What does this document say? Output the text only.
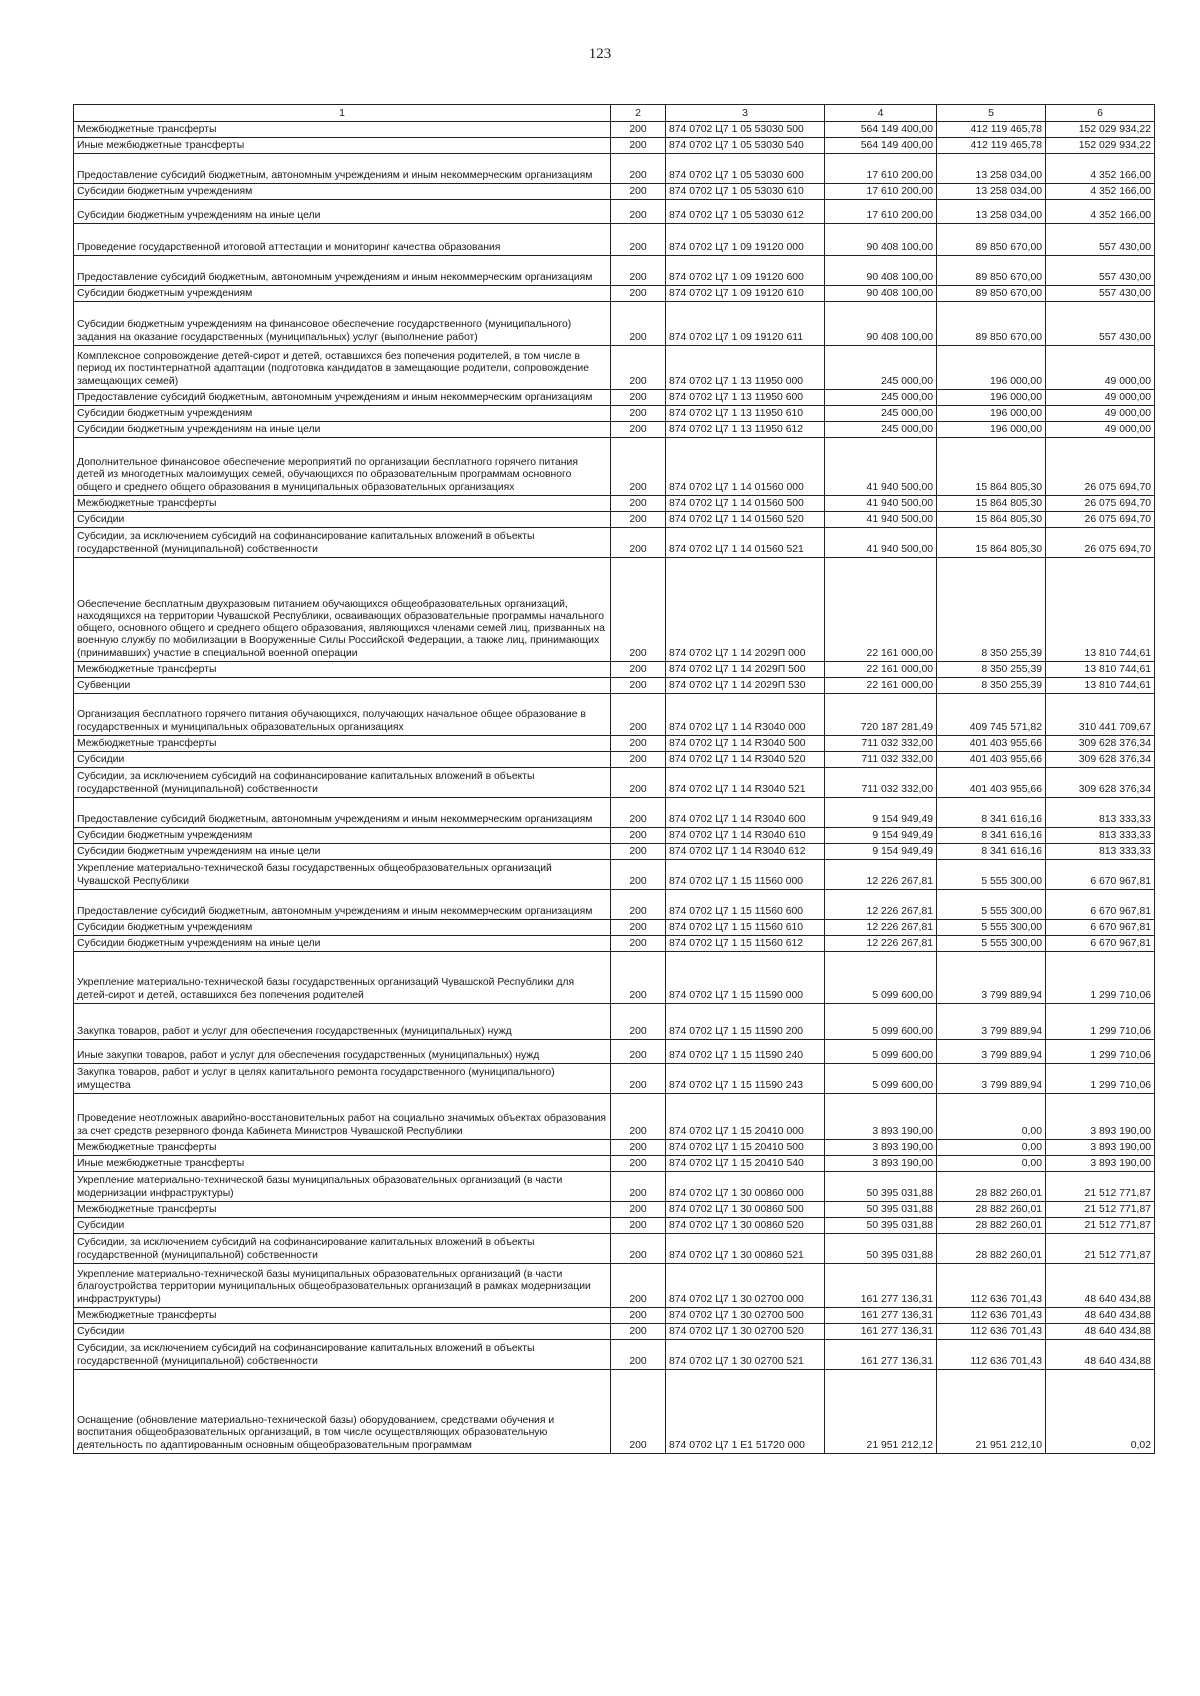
123
1	2	3	4	5	6
Межбюджетные трансферты	200	874 0702 Ц7 1 05 53030 500	564 149 400,00	412 119 465,78	152 029 934,22
Иные межбюджетные трансферты	200	874 0702 Ц7 1 05 53030 540	564 149 400,00	412 119 465,78	152 029 934,22
Предоставление субсидий бюджетным, автономным учреждениям и иным некоммерческим организациям	200	874 0702 Ц7 1 05 53030 600	17 610 200,00	13 258 034,00	4 352 166,00
Субсидии бюджетным учреждениям	200	874 0702 Ц7 1 05 53030 610	17 610 200,00	13 258 034,00	4 352 166,00
Субсидии бюджетным учреждениям на иные цели	200	874 0702 Ц7 1 05 53030 612	17 610 200,00	13 258 034,00	4 352 166,00
Проведение государственной итоговой аттестации и мониторинг качества образования	200	874 0702 Ц7 1 09 19120 000	90 408 100,00	89 850 670,00	557 430,00
Предоставление субсидий бюджетным, автономным учреждениям и иным некоммерческим организациям	200	874 0702 Ц7 1 09 19120 600	90 408 100,00	89 850 670,00	557 430,00
Субсидии бюджетным учреждениям	200	874 0702 Ц7 1 09 19120 610	90 408 100,00	89 850 670,00	557 430,00
Субсидии бюджетным учреждениям на финансовое обеспечение государственного (муниципального) задания на оказание государственных (муниципальных) услуг (выполнение работ)	200	874 0702 Ц7 1 09 19120 611	90 408 100,00	89 850 670,00	557 430,00
Комплексное сопровождение детей-сирот и детей, оставшихся без попечения родителей, в том числе в период их постинтернатной адаптации (подготовка кандидатов в замещающие родители, сопровождение замещающих семей)	200	874 0702 Ц7 1 13 11950 000	245 000,00	196 000,00	49 000,00
Предоставление субсидий бюджетным, автономным учреждениям и иным некоммерческим организациям	200	874 0702 Ц7 1 13 11950 600	245 000,00	196 000,00	49 000,00
Субсидии бюджетным учреждениям	200	874 0702 Ц7 1 13 11950 610	245 000,00	196 000,00	49 000,00
Субсидии бюджетным учреждениям на иные цели	200	874 0702 Ц7 1 13 11950 612	245 000,00	196 000,00	49 000,00
Дополнительное финансовое обеспечение мероприятий по организации бесплатного горячего питания детей из многодетных малоимущих семей, обучающихся по образовательным программам основного общего и среднего общего образования в муниципальных образовательных организациях	200	874 0702 Ц7 1 14 01560 000	41 940 500,00	15 864 805,30	26 075 694,70
Межбюджетные трансферты	200	874 0702 Ц7 1 14 01560 500	41 940 500,00	15 864 805,30	26 075 694,70
Субсидии	200	874 0702 Ц7 1 14 01560 520	41 940 500,00	15 864 805,30	26 075 694,70
Субсидии, за исключением субсидий на софинансирование капитальных вложений в объекты государственной (муниципальной) собственности	200	874 0702 Ц7 1 14 01560 521	41 940 500,00	15 864 805,30	26 075 694,70
Обеспечение бесплатным двухразовым питанием обучающихся общеобразовательных организаций, находящихся на территории Чувашской Республики, осваивающих образовательные программы начального общего, основного общего и среднего общего образования, являющихся членами семей лиц, призванных на военную службу по мобилизации в Вооруженные Силы Российской Федерации, а также лиц, принимающих (принимавших) участие в специальной военной операции	200	874 0702 Ц7 1 14 2029П 000	22 161 000,00	8 350 255,39	13 810 744,61
Межбюджетные трансферты	200	874 0702 Ц7 1 14 2029П 500	22 161 000,00	8 350 255,39	13 810 744,61
Субвенции	200	874 0702 Ц7 1 14 2029П 530	22 161 000,00	8 350 255,39	13 810 744,61
Организация бесплатного горячего питания обучающихся, получающих начальное общее образование в государственных и муниципальных образовательных организациях	200	874 0702 Ц7 1 14 R3040 000	720 187 281,49	409 745 571,82	310 441 709,67
Межбюджетные трансферты	200	874 0702 Ц7 1 14 R3040 500	711 032 332,00	401 403 955,66	309 628 376,34
Субсидии	200	874 0702 Ц7 1 14 R3040 520	711 032 332,00	401 403 955,66	309 628 376,34
Субсидии, за исключением субсидий на софинансирование капитальных вложений в объекты государственной (муниципальной) собственности	200	874 0702 Ц7 1 14 R3040 521	711 032 332,00	401 403 955,66	309 628 376,34
Предоставление субсидий бюджетным, автономным учреждениям и иным некоммерческим организациям	200	874 0702 Ц7 1 14 R3040 600	9 154 949,49	8 341 616,16	813 333,33
Субсидии бюджетным учреждениям	200	874 0702 Ц7 1 14 R3040 610	9 154 949,49	8 341 616,16	813 333,33
Субсидии бюджетным учреждениям на иные цели	200	874 0702 Ц7 1 14 R3040 612	9 154 949,49	8 341 616,16	813 333,33
Укрепление материально-технической базы государственных общеобразовательных организаций Чувашской Республики	200	874 0702 Ц7 1 15 11560 000	12 226 267,81	5 555 300,00	6 670 967,81
Предоставление субсидий бюджетным, автономным учреждениям и иным некоммерческим организациям	200	874 0702 Ц7 1 15 11560 600	12 226 267,81	5 555 300,00	6 670 967,81
Субсидии бюджетным учреждениям	200	874 0702 Ц7 1 15 11560 610	12 226 267,81	5 555 300,00	6 670 967,81
Субсидии бюджетным учреждениям на иные цели	200	874 0702 Ц7 1 15 11560 612	12 226 267,81	5 555 300,00	6 670 967,81
Укрепление материально-технической базы государственных организаций Чувашской Республики для детей-сирот и детей, оставшихся без попечения родителей	200	874 0702 Ц7 1 15 11590 000	5 099 600,00	3 799 889,94	1 299 710,06
Закупка товаров, работ и услуг для обеспечения государственных (муниципальных) нужд	200	874 0702 Ц7 1 15 11590 200	5 099 600,00	3 799 889,94	1 299 710,06
Иные закупки товаров, работ и услуг для обеспечения государственных (муниципальных) нужд	200	874 0702 Ц7 1 15 11590 240	5 099 600,00	3 799 889,94	1 299 710,06
Закупка товаров, работ и услуг в целях капитального ремонта государственного (муниципального) имущества	200	874 0702 Ц7 1 15 11590 243	5 099 600,00	3 799 889,94	1 299 710,06
Проведение неотложных аварийно-восстановительных работ на социально значимых объектах образования за счет средств резервного фонда Кабинета Министров Чувашской Республики	200	874 0702 Ц7 1 15 20410 000	3 893 190,00	0,00	3 893 190,00
Межбюджетные трансферты	200	874 0702 Ц7 1 15 20410 500	3 893 190,00	0,00	3 893 190,00
Иные межбюджетные трансферты	200	874 0702 Ц7 1 15 20410 540	3 893 190,00	0,00	3 893 190,00
Укрепление материально-технической базы муниципальных образовательных организаций (в части модернизации инфраструктуры)	200	874 0702 Ц7 1 30 00860 000	50 395 031,88	28 882 260,01	21 512 771,87
Межбюджетные трансферты	200	874 0702 Ц7 1 30 00860 500	50 395 031,88	28 882 260,01	21 512 771,87
Субсидии	200	874 0702 Ц7 1 30 00860 520	50 395 031,88	28 882 260,01	21 512 771,87
Субсидии, за исключением субсидий на софинансирование капитальных вложений в объекты государственной (муниципальной) собственности	200	874 0702 Ц7 1 30 00860 521	50 395 031,88	28 882 260,01	21 512 771,87
Укрепление материально-технической базы муниципальных образовательных организаций (в части благоустройства территории муниципальных общеобразовательных организаций в рамках модернизации инфраструктуры)	200	874 0702 Ц7 1 30 02700 000	161 277 136,31	112 636 701,43	48 640 434,88
Межбюджетные трансферты	200	874 0702 Ц7 1 30 02700 500	161 277 136,31	112 636 701,43	48 640 434,88
Субсидии	200	874 0702 Ц7 1 30 02700 520	161 277 136,31	112 636 701,43	48 640 434,88
Субсидии, за исключением субсидий на софинансирование капитальных вложений в объекты государственной (муниципальной) собственности	200	874 0702 Ц7 1 30 02700 521	161 277 136,31	112 636 701,43	48 640 434,88
Оснащение (обновление материально-технической базы) оборудованием, средствами обучения и воспитания общеобразовательных организаций, в том числе осуществляющих образовательную деятельность по адаптированным основным общеобразовательным программам	200	874 0702 Ц7 1 Е1 51720 000	21 951 212,12	21 951 212,10	0,02
